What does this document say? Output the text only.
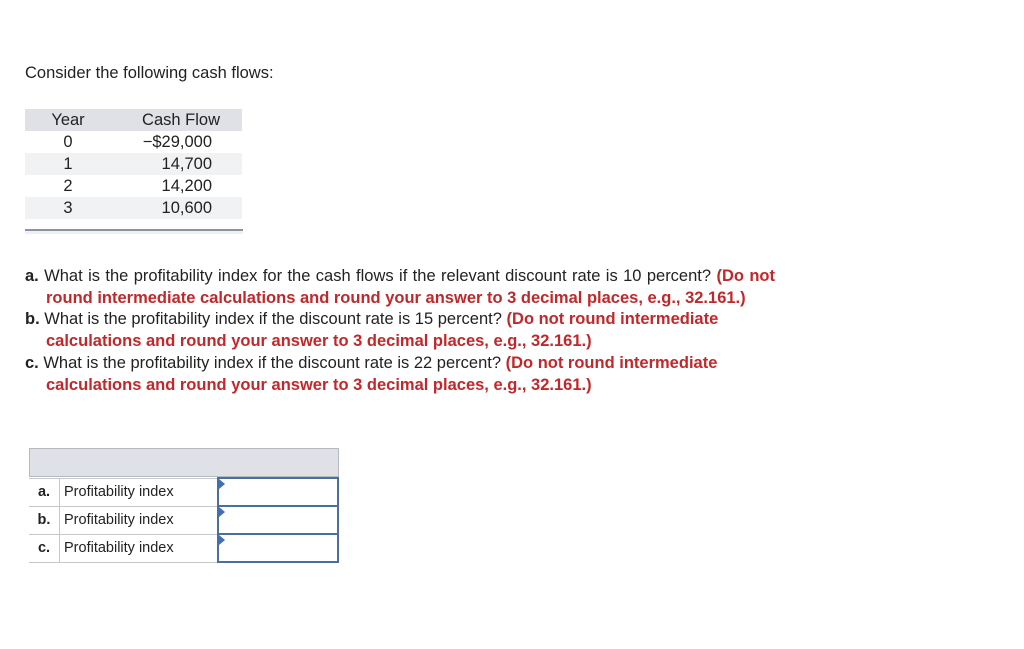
Consider the following cash flows:
Year	Cash Flow
0	−$29,000
1	14,700
2	14,200
3	10,600
a. What is the profitability index for the cash flows if the relevant discount rate is 10 percent? (Do not round intermediate calculations and round your answer to 3 decimal places, e.g., 32.161.)
b. What is the profitability index if the discount rate is 15 percent? (Do not round intermediate calculations and round your answer to 3 decimal places, e.g., 32.161.)
c. What is the profitability index if the discount rate is 22 percent? (Do not round intermediate calculations and round your answer to 3 decimal places, e.g., 32.161.)
a.	Profitability index	

b.	Profitability index	

c.	Profitability index	
